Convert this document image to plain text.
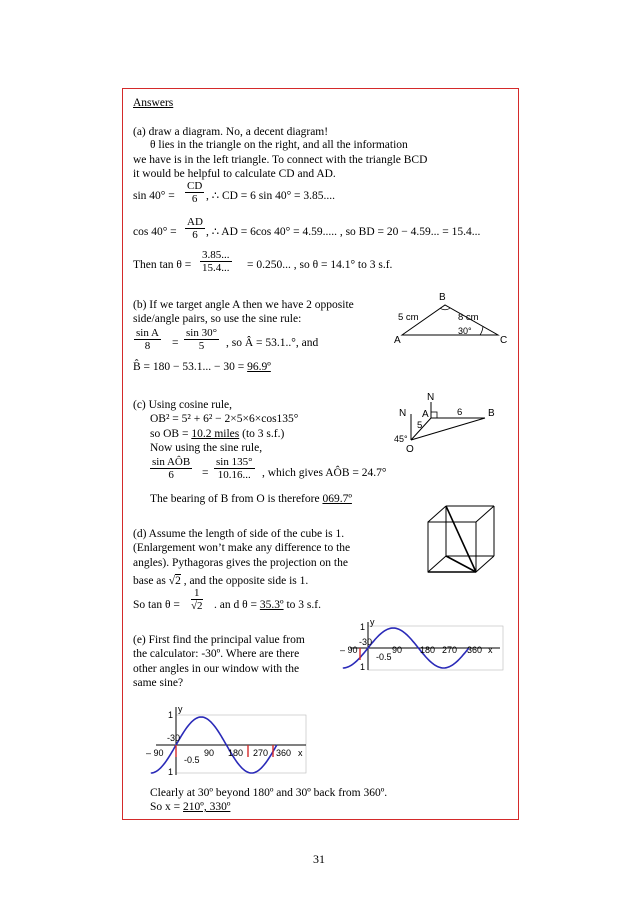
Answers
(a) draw a diagram. No, a decent diagram!
θ lies in the triangle on the right, and all the information
we have is in the left triangle. To connect with the triangle BCD
it would be helpful to calculate CD and AD.
$\sin 40^\circ = \frac{CD}{6}$ , ∴ CD = 6 sin 40° = 3.85....
$\cos 40^\circ = \frac{AD}{6}$ , ∴ AD = 6cos 40° = 4.59..... , so BD = 20 − 4.59... = 15.4...
Then $\tan \theta = \frac{3.85...}{15.4...} = 0.250$... , so θ = 14.1° to 3 s.f.
(b) If we target angle A then we have 2 opposite
side/angle pairs, so use the sine rule:
$\frac{\text{sin A}}{8} = \frac{\sin 30^\circ}{5}$ , so Â = 53.1..°, and
B̂ = 180 − 53.1... − 30 = 96.9º
B
A	C
5 cm	8 cm
30°
(c) Using cosine rule,
OB² = 5² + 6² − 2×5×6×cos135°
so OB = 10.2 miles (to 3 s.f.)
Now using the sine rule,
sin AÔB
6	= $\frac{\sin 135^\circ}{10.16...}$ , which gives AÔB = 24.7°
The bearing of B from O is therefore 069.7º
N
N A	B
O
6
5
45°
(d) Assume the length of side of the cube is 1.
(Enlargement won’t make any difference to the
angles). Pythagoras gives the projection on the
base as √2 , and the opposite side is 1.
So $\tan \theta = \frac{1}{√2}$ . an d θ = 35.3º to 3 s.f.
(e) First find the principal value from
the calculator: -30º. Where are there
other angles in our window with the
same sine?
y
1
1
-30
-0.5
– 90	90 180 270 360 x
y
1
1
-30
-0.5
– 90	90 180 270 360 x
Clearly at 30º beyond 180º and 30º back from 360º.
So x = 210º, 330º
31
